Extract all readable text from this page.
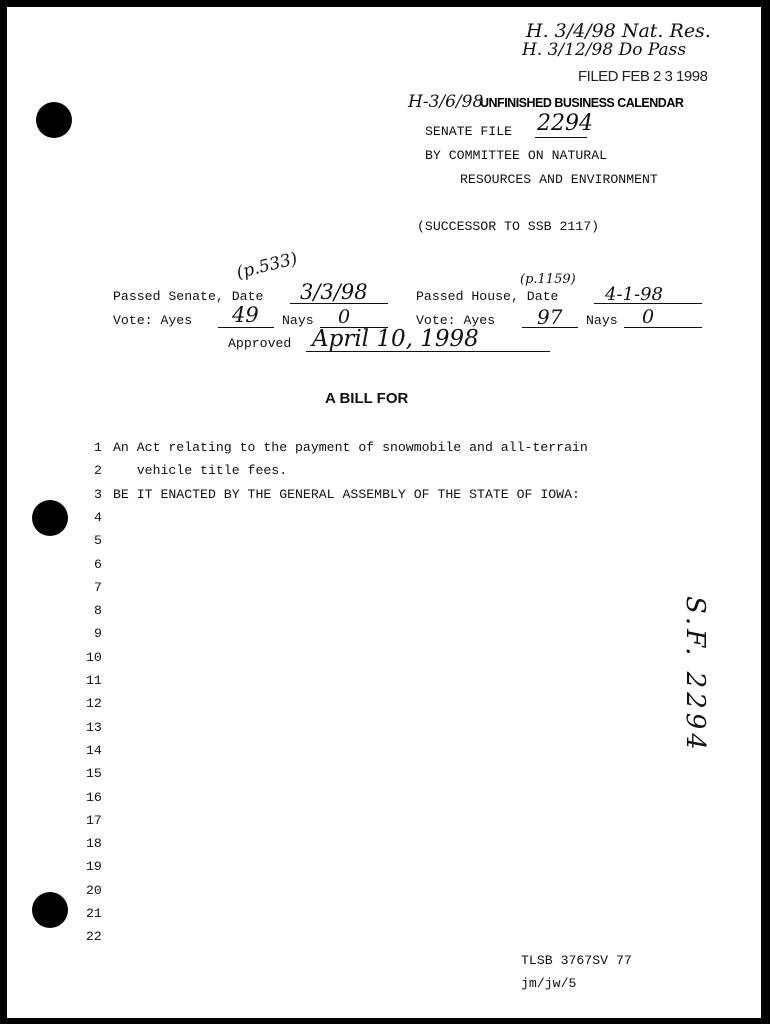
H. 3/4/98 Nat. Res.
H. 3/12/98 Do Pass
FILED FEB 2 3 1998
H-3/6/98
UNFINISHED BUSINESS CALENDAR
SENATE FILE 2294
BY COMMITTEE ON NATURAL
RESOURCES AND ENVIRONMENT
(SUCCESSOR TO SSB 2117)
(p.533)
Passed Senate, Date 3/3/98
(p.1159)
Passed House, Date	4-1-98
Vote: Ayes 49 Nays 0	Vote: Ayes 97 Nays 0
Approved April 10, 1998
A BILL FOR
1 An Act relating to the payment of snowmobile and all-terrain
2 vehicle title fees.
3 BE IT ENACTED BY THE GENERAL ASSEMBLY OF THE STATE OF IOWA:
4
5
6
7
8
9
10
11
12
13
14
15
16
17
18
19
20
21
22
S.F. 2294
TLSB 3767SV 77
jm/jw/5
